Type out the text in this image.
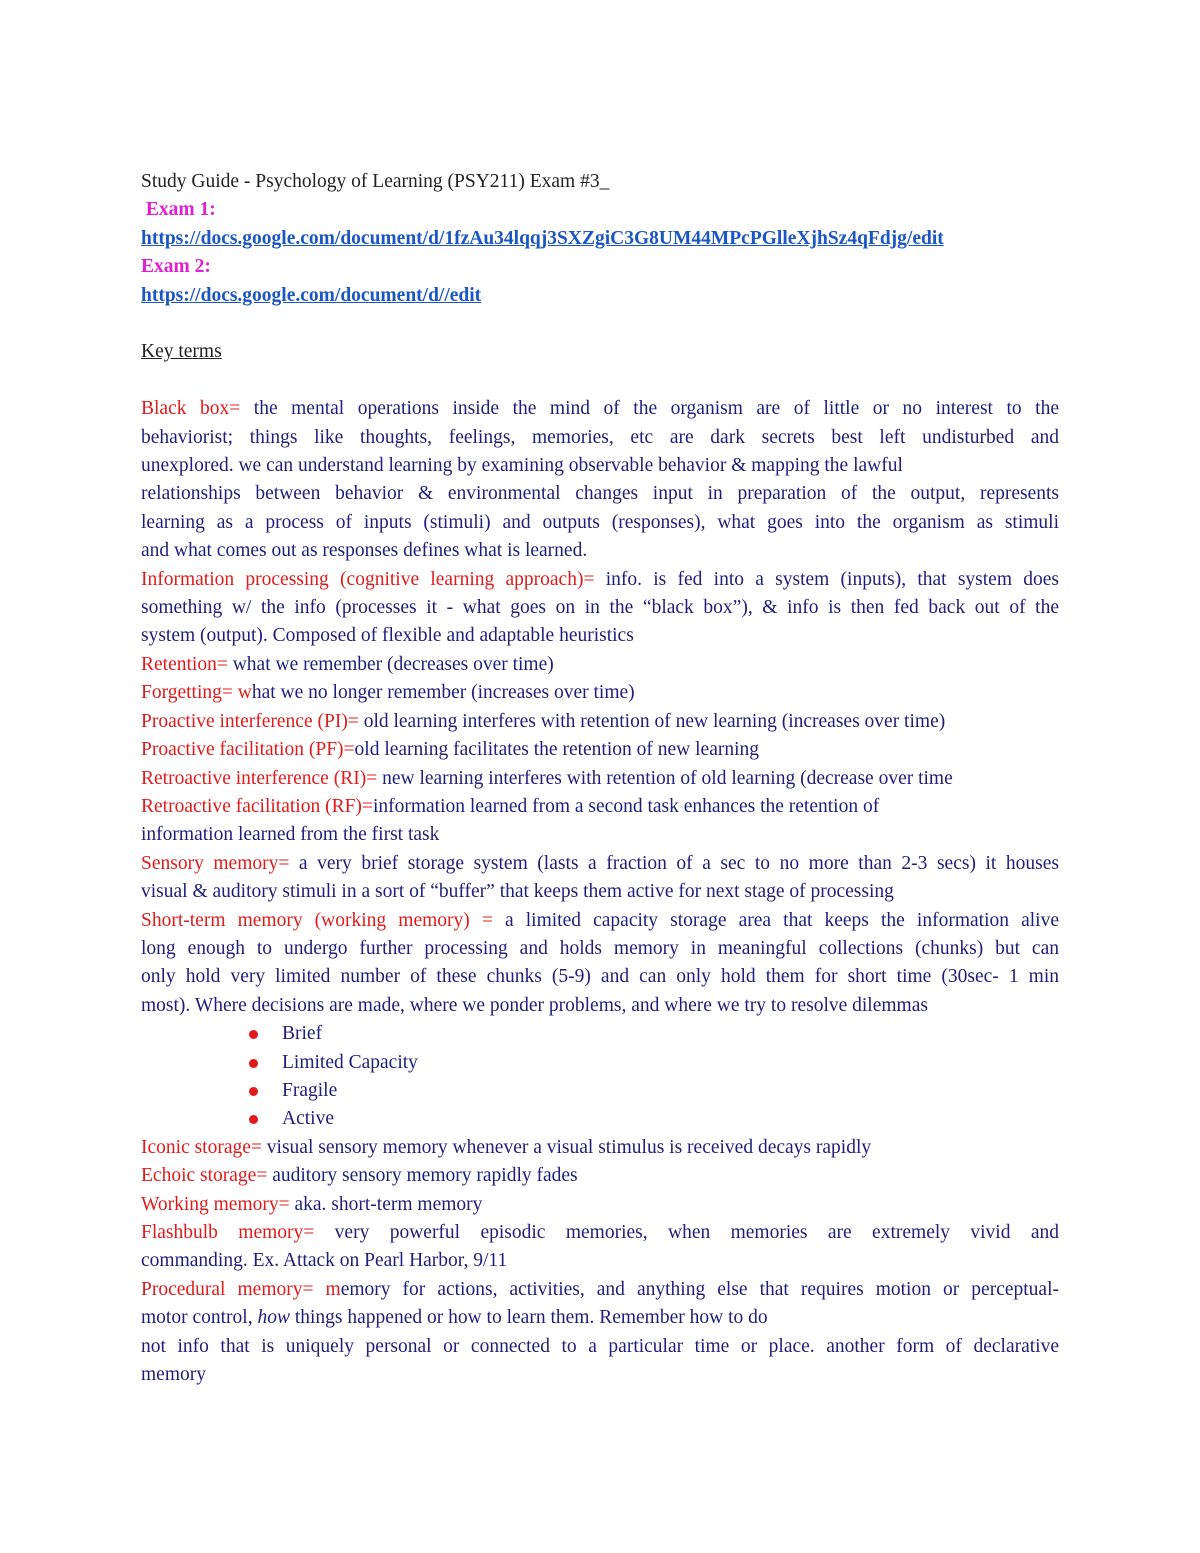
Study Guide - Psychology of Learning (PSY211) Exam #3_
Exam 1:
https://docs.google.com/document/d/1fzAu34lqqj3SXZgiC3G8UM44MPcPGlleXjhSz4qFdjg/edit
Exam 2:
https://docs.google.com/document/d//edit
Key terms
Black box= the mental operations inside the mind of the organism are of little or no interest to the
behaviorist; things like thoughts, feelings, memories, etc are dark secrets best left undisturbed and
unexplored. we can understand learning by examining observable behavior & mapping the lawful
relationships between behavior & environmental changes input in preparation of the output, represents
learning as a process of inputs (stimuli) and outputs (responses), what goes into the organism as stimuli
and what comes out as responses defines what is learned.
Information processing (cognitive learning approach)= info. is fed into a system (inputs), that system does
something w/ the info (processes it - what goes on in the “black box”), & info is then fed back out of the
system (output). Composed of flexible and adaptable heuristics
Retention= what we remember (decreases over time)
Forgetting= what we no longer remember (increases over time)
Proactive interference (PI)= old learning interferes with retention of new learning (increases over time)
Proactive facilitation (PF)=old learning facilitates the retention of new learning
Retroactive interference (RI)= new learning interferes with retention of old learning (decrease over time
Retroactive facilitation (RF)=information learned from a second task enhances the retention of
information learned from the first task
Sensory memory= a very brief storage system (lasts a fraction of a sec to no more than 2-3 secs) it houses
visual & auditory stimuli in a sort of “buffer” that keeps them active for next stage of processing
Short-term memory (working memory) = a limited capacity storage area that keeps the information alive
long enough to undergo further processing and holds memory in meaningful collections (chunks) but can
only hold very limited number of these chunks (5-9) and can only hold them for short time (30sec- 1 min
most). Where decisions are made, where we ponder problems, and where we try to resolve dilemmas
Brief
Limited Capacity
Fragile
Active
Iconic storage= visual sensory memory whenever a visual stimulus is received decays rapidly
Echoic storage= auditory sensory memory rapidly fades
Working memory= aka. short-term memory
Flashbulb memory= very powerful episodic memories, when memories are extremely vivid and
commanding. Ex. Attack on Pearl Harbor, 9/11
Procedural memory= memory for actions, activities, and anything else that requires motion or perceptual-
motor control, how things happened or how to learn them. Remember how to do
not info that is uniquely personal or connected to a particular time or place. another form of declarative
memory
